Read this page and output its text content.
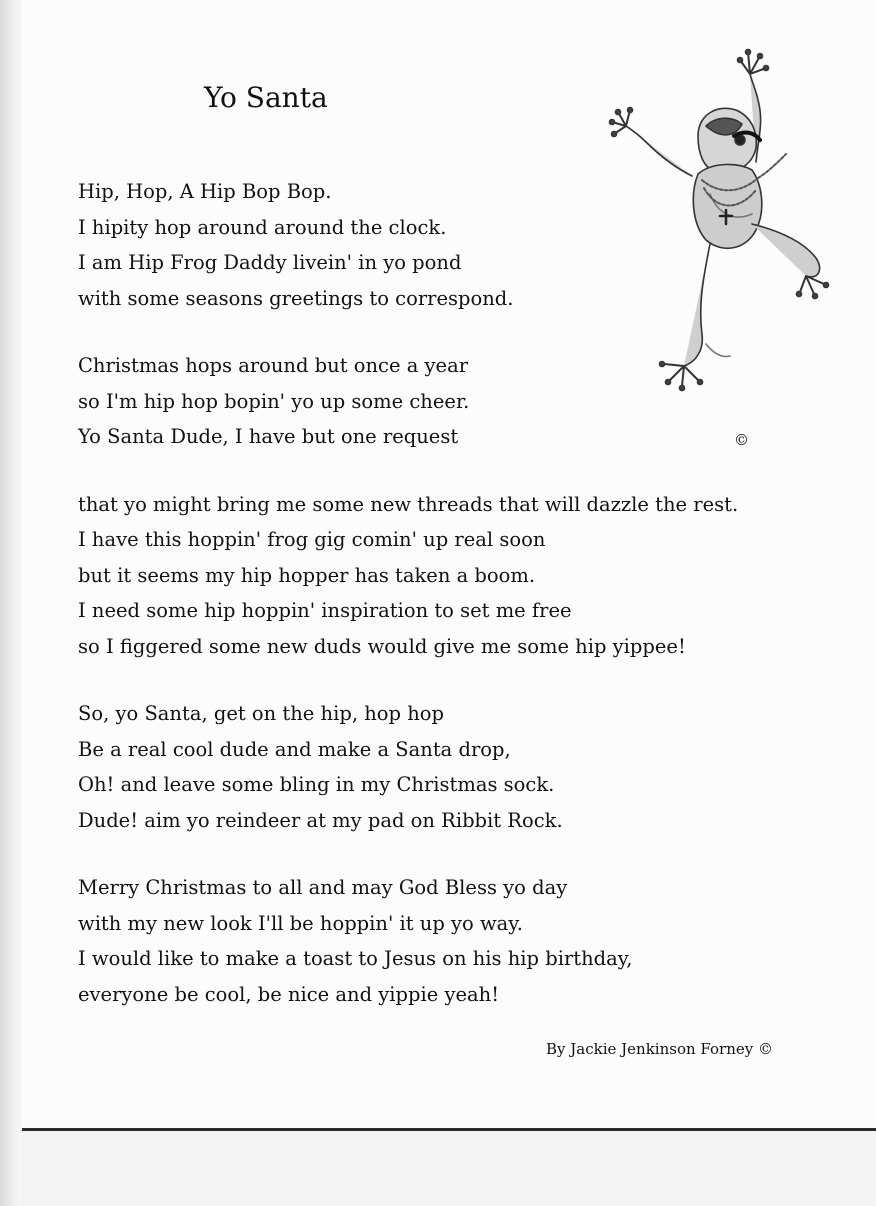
Yo Santa
©
Hip, Hop, A Hip Bop Bop.
I hipity hop around around the clock.
I am Hip Frog Daddy livein' in yo pond
with some seasons greetings to correspond.
Christmas hops around but once a year
so I'm hip hop bopin' yo up some cheer.
Yo Santa Dude, I have but one request
that yo might bring me some new threads that will dazzle the rest.
I have this hoppin' frog gig comin' up real soon
but it seems my hip hopper has taken a boom.
I need some hip hoppin' inspiration to set me free
so I figgered some new duds would give me some hip yippee!
So, yo Santa, get on the hip, hop hop
Be a real cool dude and make a Santa drop,
Oh! and leave some bling in my Christmas sock.
Dude! aim yo reindeer at my pad on Ribbit Rock.
Merry Christmas to all and may God Bless yo day
with my new look I'll be hoppin' it up yo way.
I would like to make a toast to Jesus on his hip birthday,
everyone be cool, be nice and yippie yeah!
By Jackie Jenkinson Forney ©
